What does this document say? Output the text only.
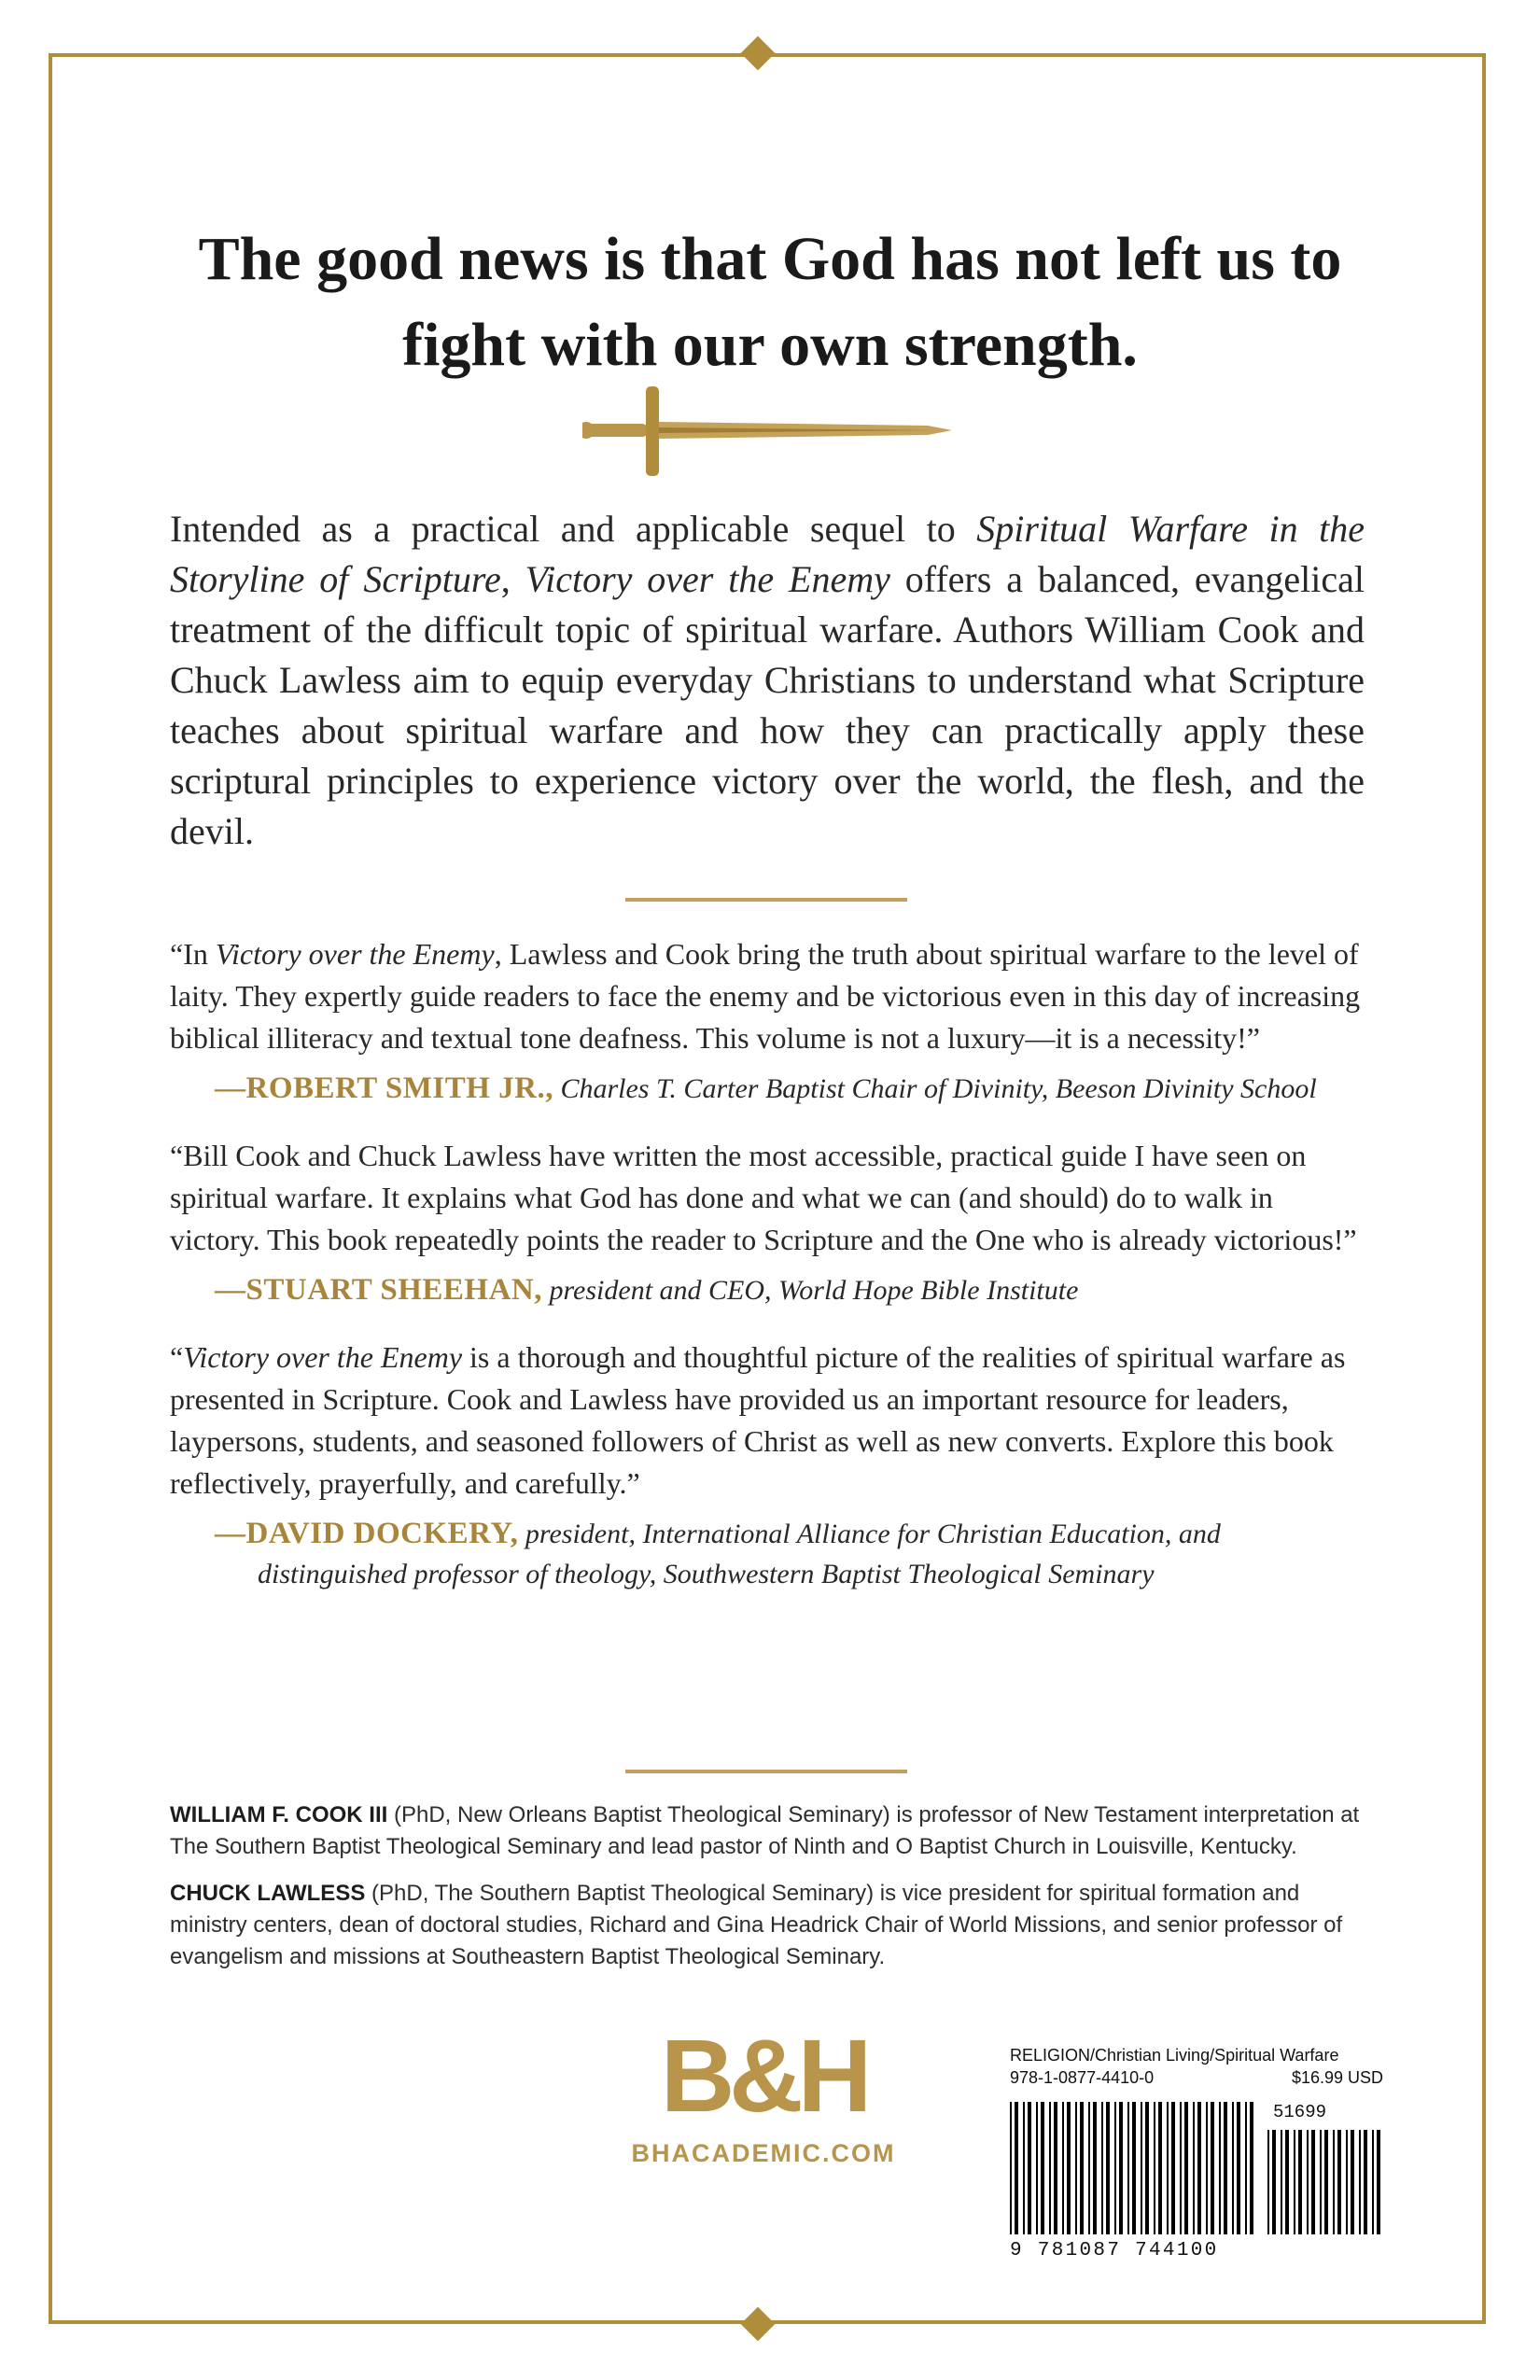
The good news is that God has not left us to fight with our own strength.
Intended as a practical and applicable sequel to Spiritual Warfare in the Storyline of Scripture, Victory over the Enemy offers a balanced, evangelical treatment of the difficult topic of spiritual warfare. Authors William Cook and Chuck Lawless aim to equip everyday Christians to understand what Scripture teaches about spiritual warfare and how they can practically apply these scriptural principles to experience victory over the world, the flesh, and the devil.

“In Victory over the Enemy, Lawless and Cook bring the truth about spiritual warfare to the level of laity. They expertly guide readers to face the enemy and be victorious even in this day of increasing biblical illiteracy and textual tone deafness. This volume is not a luxury—it is a necessity!”

—ROBERT SMITH JR., Charles T. Carter Baptist Chair of Divinity, Beeson Divinity School

“Bill Cook and Chuck Lawless have written the most accessible, practical guide I have seen on spiritual warfare. It explains what God has done and what we can (and should) do to walk in victory. This book repeatedly points the reader to Scripture and the One who is already victorious!”

—STUART SHEEHAN, president and CEO, World Hope Bible Institute

“Victory over the Enemy is a thorough and thoughtful picture of the realities of spiritual warfare as presented in Scripture. Cook and Lawless have provided us an important resource for leaders, laypersons, students, and seasoned followers of Christ as well as new converts. Explore this book reflectively, prayerfully, and carefully.”

—DAVID DOCKERY, president, International Alliance for Christian Education, and distinguished professor of theology, Southwestern Baptist Theological Seminary

WILLIAM F. COOK III (PhD, New Orleans Baptist Theological Seminary) is professor of New Testament interpretation at The Southern Baptist Theological Seminary and lead pastor of Ninth and O Baptist Church in Louisville, Kentucky.

CHUCK LAWLESS (PhD, The Southern Baptist Theological Seminary) is vice president for spiritual formation and ministry centers, dean of doctoral studies, Richard and Gina Headrick Chair of World Missions, and senior professor of evangelism and missions at Southeastern Baptist Theological Seminary.

B&H
BHACADEMIC.COM
RELIGION/Christian Living/Spiritual Warfare
978-1-0877-4410-0	$16.99 USD
51699
9 781087 744100
